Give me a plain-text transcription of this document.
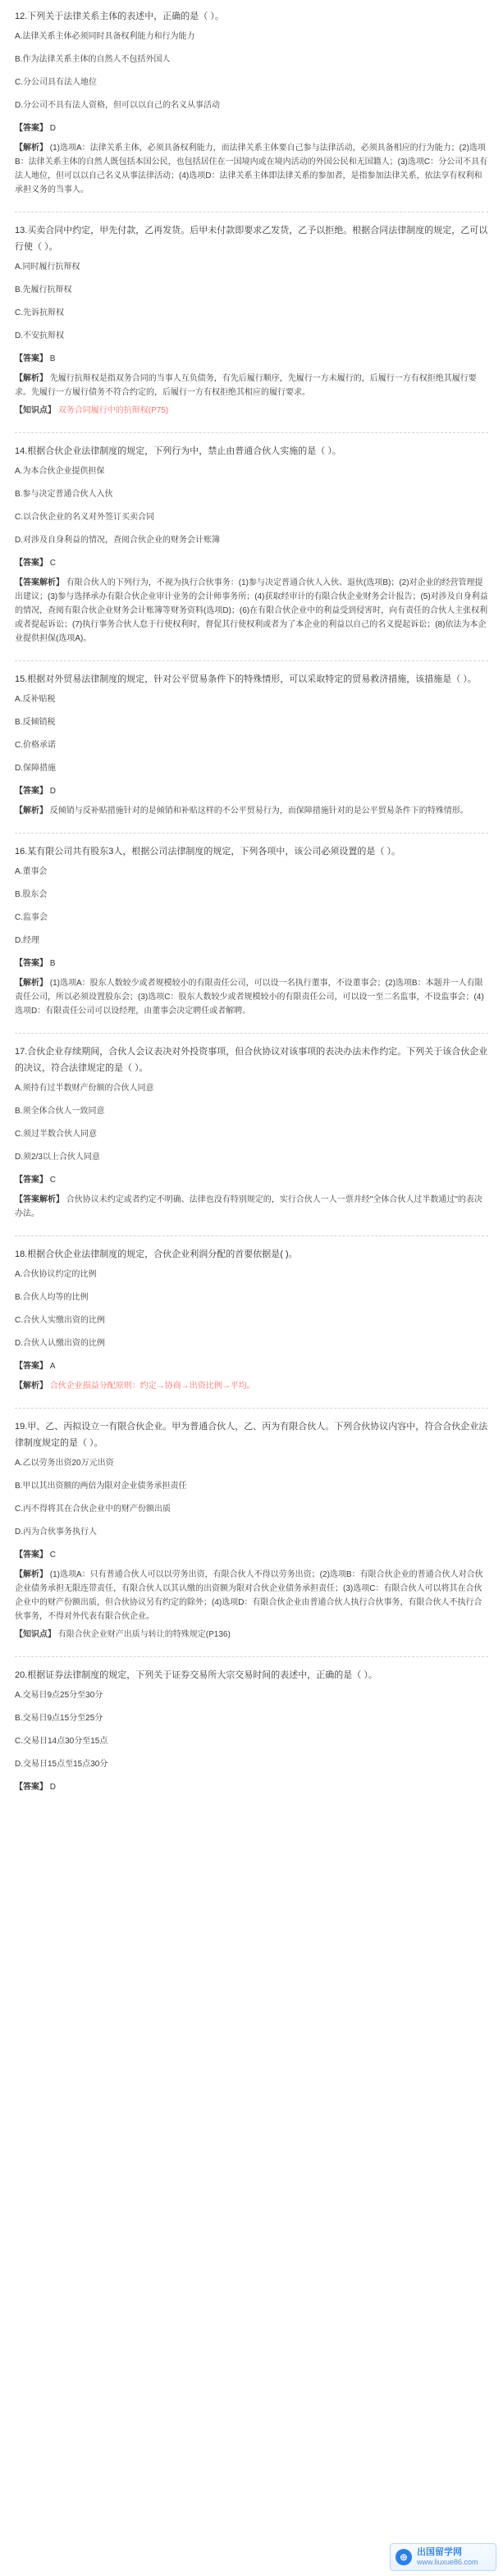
12.下列关于法律关系主体的表述中，正确的是（ ）。

A.法律关系主体必须同时具备权利能力和行为能力

B.作为法律关系主体的自然人不包括外国人

C.分公司具有法人地位

D.分公司不具有法人资格，但可以以自己的名义从事活动

【答案】 D

【解析】 (1)选项A：法律关系主体，必须具备权利能力，而法律关系主体要自己参与法律活动，必须具备相应的行为能力；(2)选项B：法律关系主体的自然人既包括本国公民，也包括居住在一国境内或在境内活动的外国公民和无国籍人；(3)选项C：分公司不具有法人地位，但可以以自己名义从事法律活动；(4)选项D：法律关系主体即法律关系的参加者，是指参加法律关系，依法享有权利和承担义务的当事人。

13.买卖合同中约定，甲先付款，乙再发货。后甲未付款即要求乙发货，乙予以拒绝。根据合同法律制度的规定，乙可以行使（ ）。

A.同时履行抗辩权

B.先履行抗辩权

C.先诉抗辩权

D.不安抗辩权

【答案】 B

【解析】 先履行抗辩权是指双务合同的当事人互负债务，有先后履行顺序，先履行一方未履行的，后履行一方有权拒绝其履行要求。先履行一方履行债务不符合约定的，后履行一方有权拒绝其相应的履行要求。

【知识点】 双务合同履行中的抗辩权(P75)

14.根据合伙企业法律制度的规定，下列行为中，禁止由普通合伙人实施的是（ ）。

A.为本合伙企业提供担保

B.参与决定普通合伙人入伙

C.以合伙企业的名义对外签订买卖合同

D.对涉及自身利益的情况，查阅合伙企业的财务会计账簿

【答案】 C

【答案解析】 有限合伙人的下列行为，不视为执行合伙事务：(1)参与决定普通合伙人入伙、退伙(选项B)；(2)对企业的经营管理提出建议；(3)参与选择承办有限合伙企业审计业务的会计师事务所；(4)获取经审计的有限合伙企业财务会计报告；(5)对涉及自身利益的情况，查阅有限合伙企业财务会计账簿等财务资料(选项D)；(6)在有限合伙企业中的利益受到侵害时，向有责任的合伙人主张权利或者提起诉讼；(7)执行事务合伙人怠于行使权利时，督促其行使权利或者为了本企业的利益以自己的名义提起诉讼；(8)依法为本企业提供担保(选项A)。

15.根据对外贸易法律制度的规定，针对公平贸易条件下的特殊情形，可以采取特定的贸易救济措施，该措施是（ ）。

A.反补贴税

B.反倾销税

C.价格承诺

D.保障措施

【答案】 D

【解析】 反倾销与反补贴措施针对的是倾销和补贴这样的不公平贸易行为，而保障措施针对的是公平贸易条件下的特殊情形。

16.某有限公司共有股东3人，根据公司法律制度的规定，下列各项中，该公司必须设置的是（ ）。

A.董事会

B.股东会

C.监事会

D.经理

【答案】 B

【解析】 (1)选项A：股东人数较少或者规模较小的有限责任公司，可以设一名执行董事，不设董事会；(2)选项B：本题并一人有限责任公司，所以必须设置股东会；(3)选项C：股东人数较少或者规模较小的有限责任公司，可以设一至二名监事，不设监事会；(4)选项D：有限责任公司可以设经理，由董事会决定聘任或者解聘。

17.合伙企业存续期间，合伙人会议表决对外投资事项，但合伙协议对该事项的表决办法未作约定。下列关于该合伙企业的决议，符合法律规定的是（ ）。

A.须持有过半数财产份额的合伙人同意

B.须全体合伙人一致同意

C.须过半数合伙人同意

D.须2/3以上合伙人同意

【答案】 C

【答案解析】 合伙协议未约定或者约定不明确、法律也没有特别规定的，实行合伙人一人一票并经"全体合伙人过半数通过"的表决办法。

18.根据合伙企业法律制度的规定，合伙企业利润分配的首要依据是( )。

A.合伙协议约定的比例

B.合伙人均等的比例

C.合伙人实缴出资的比例

D.合伙人认缴出资的比例

【答案】 A

【解析】 合伙企业损益分配原则：约定→协商→出资比例→平均。

19.甲、乙、丙拟设立一有限合伙企业。甲为普通合伙人，乙、丙为有限合伙人。下列合伙协议内容中，符合合伙企业法律制度规定的是（ ）。

A.乙以劳务出资20万元出资

B.甲以其出资额的两倍为限对企业债务承担责任

C.丙不得将其在合伙企业中的财产份额出质

D.丙为合伙事务执行人

【答案】 C

【解析】 (1)选项A：只有普通合伙人可以以劳务出资，有限合伙人不得以劳务出资；(2)选项B：有限合伙企业的普通合伙人对合伙企业债务承担无限连带责任，有限合伙人以其认缴的出资额为限对合伙企业债务承担责任；(3)选项C：有限合伙人可以将其在合伙企业中的财产份额出质，但合伙协议另有约定的除外；(4)选项D：有限合伙企业由普通合伙人执行合伙事务，有限合伙人不执行合伙事务，不得对外代表有限合伙企业。

【知识点】 有限合伙企业财产出质与转让的特殊规定(P136)

20.根据证券法律制度的规定，下列关于证券交易所大宗交易时间的表述中，正确的是（ ）。

A.交易日9点25分至30分

B.交易日9点15分至25分

C.交易日14点30分至15点

D.交易日15点至15点30分

【答案】 D

⊕ 出国留学网
www.liuxue86.com
